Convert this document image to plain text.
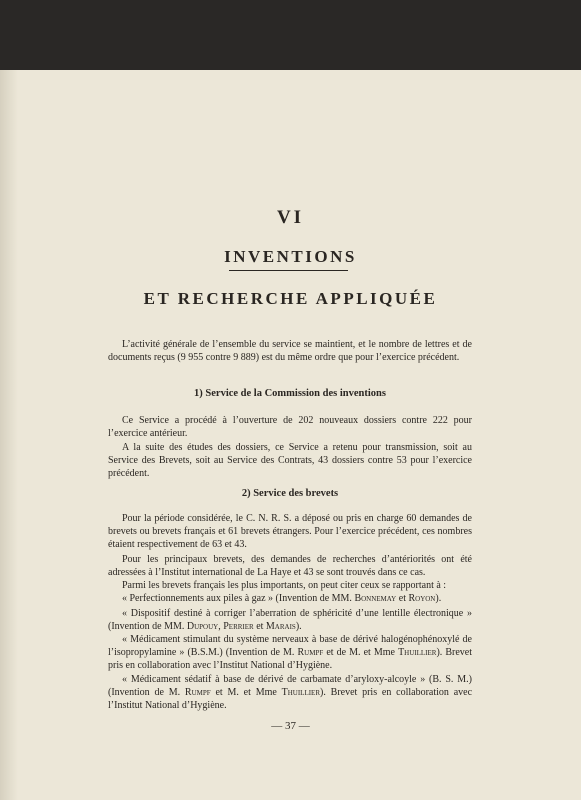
VI
INVENTIONS
ET RECHERCHE APPLIQUÉE

L’activité générale de l’ensemble du service se maintient, et le nombre de lettres et de documents reçus (9 955 contre 9 889) est du même ordre que pour l’exercice précédent.

1) Service de la Commission des inventions

Ce Service a procédé à l’ouverture de 202 nouveaux dossiers contre 222 pour l’exercice antérieur.

A la suite des études des dossiers, ce Service a retenu pour transmission, soit au Service des Brevets, soit au Service des Contrats, 43 dossiers contre 53 pour l’exercice précédent.

2) Service des brevets

Pour la période considérée, le C. N. R. S. a déposé ou pris en charge 60 demandes de brevets ou brevets français et 61 brevets étrangers. Pour l’exercice précédent, ces nombres étaient respectivement de 63 et 43.

Pour les principaux brevets, des demandes de recherches d’antériorités ont été adressées à l’Institut international de La Haye et 43 se sont trouvés dans ce cas.

Parmi les brevets français les plus importants, on peut citer ceux se rapportant à :

« Perfectionnements aux piles à gaz » (Invention de MM. Bonnemay et Royon).

« Dispositif destiné à corriger l’aberration de sphéricité d’une lentille électronique » (Invention de MM. Dupouy, Perrier et Marais).

« Médicament stimulant du système nerveaux à base de dérivé halogénophénoxylé de l’isopropylamine » (B.S.M.) (Invention de M. Rumpf et de M. et Mme Thuillier). Brevet pris en collaboration avec l’Institut National d’Hygiène.

« Médicament sédatif à base de dérivé de carbamate d’aryloxy-alcoyle » (B. S. M.) (Invention de M. Rumpf et M. et Mme Thuillier). Brevet pris en collaboration avec l’Institut National d’Hygiène.

— 37 —
